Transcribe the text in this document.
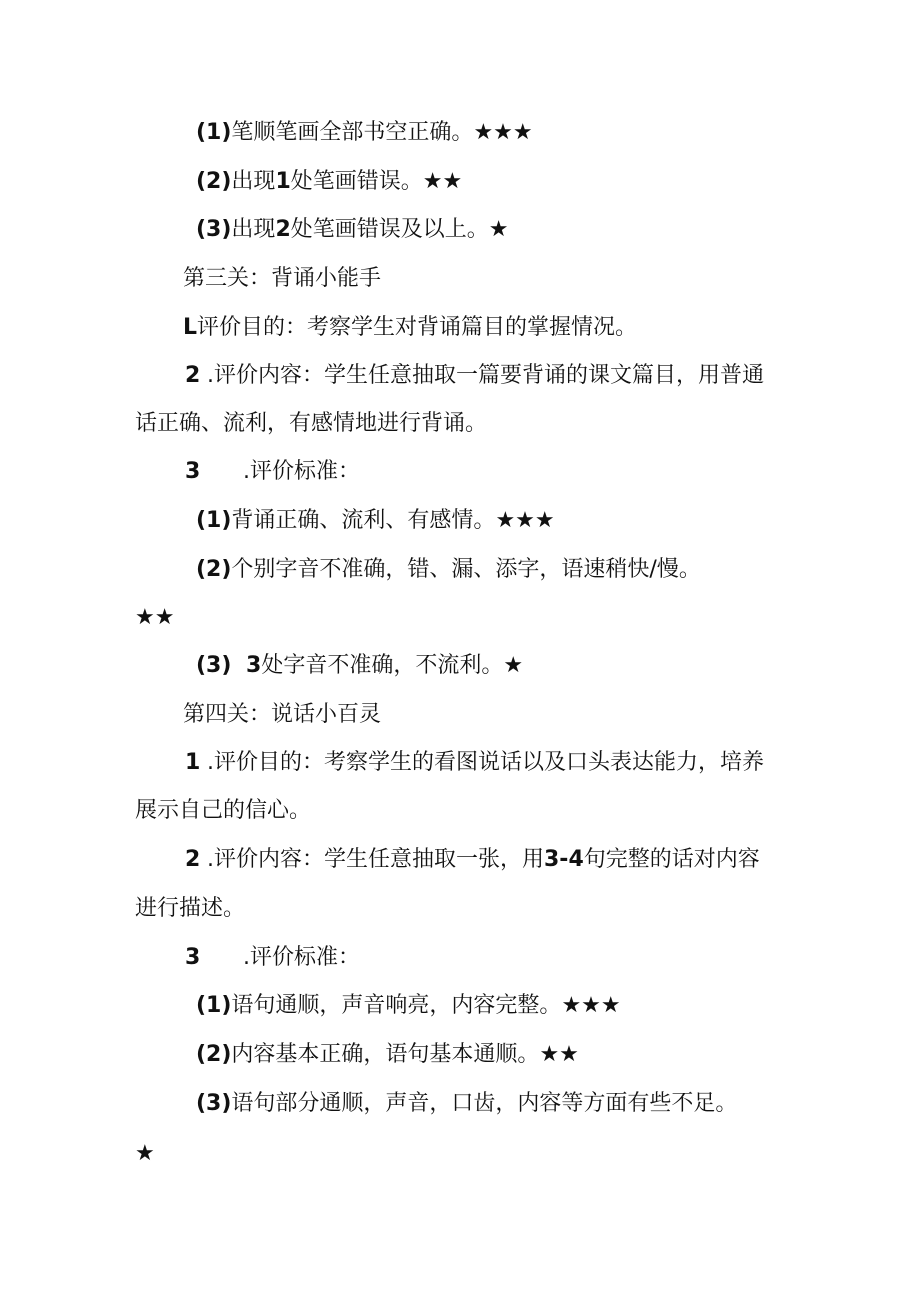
(1)笔顺笔画全部书空正确。★★★
(2)出现1处笔画错误。★★
(3)出现2处笔画错误及以上。★
第三关：背诵小能手
L评价目的：考察学生对背诵篇目的掌握情况。
2 .评价内容：学生任意抽取一篇要背诵的课文篇目，用普通
话正确、流利，有感情地进行背诵。
3 .评价标准：
(1)背诵正确、流利、有感情。★★★
(2)个别字音不准确，错、漏、添字，语速稍快/慢。
★★
(3) 3处字音不准确，不流利。★
第四关：说话小百灵
1 .评价目的：考察学生的看图说话以及口头表达能力，培养
展示自己的信心。
2 .评价内容：学生任意抽取一张，用3-4句完整的话对内容
进行描述。
3 .评价标准：
(1)语句通顺，声音响亮，内容完整。★★★
(2)内容基本正确，语句基本通顺。★★
(3)语句部分通顺，声音，口齿，内容等方面有些不足。
★
